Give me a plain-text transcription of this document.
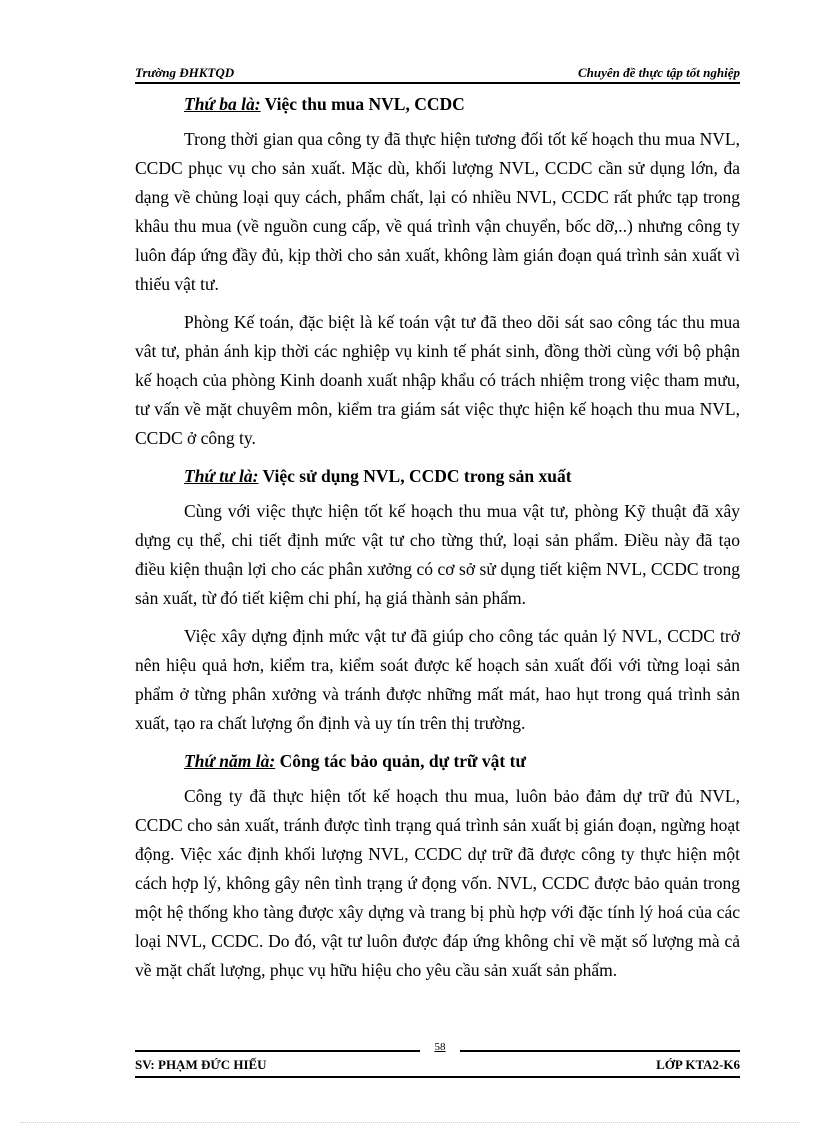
Trường ĐHKTQD	Chuyên đề thực tập tốt nghiệp

Thứ ba là: Việc thu mua NVL, CCDC

Trong thời gian qua công ty đã thực hiện tương đối tốt kế hoạch thu mua NVL, CCDC phục vụ cho sản xuất. Mặc dù, khối lượng NVL, CCDC cần sử dụng lớn, đa dạng về chủng loại quy cách, phẩm chất, lại có nhiều NVL, CCDC rất phức tạp trong khâu thu mua (về nguồn cung cấp, về quá trình vận chuyển, bốc dỡ,..) nhưng công ty luôn đáp ứng đầy đủ, kịp thời cho sản xuất, không làm gián đoạn quá trình sản xuất vì thiếu vật tư.

Phòng Kế toán, đặc biệt là kế toán vật tư đã theo dõi sát sao công tác thu mua vât tư, phản ánh kịp thời các nghiệp vụ kinh tế phát sinh, đồng thời cùng với bộ phận kế hoạch của phòng Kinh doanh xuất nhập khẩu có trách nhiệm trong việc tham mưu, tư vấn về mặt chuyêm môn, kiểm tra giám sát việc thực hiện kế hoạch thu mua NVL, CCDC ở công ty.

Thứ tư là: Việc sử dụng NVL, CCDC trong sản xuất

Cùng với việc thực hiện tốt kế hoạch thu mua vật tư, phòng Kỹ thuật đã xây dựng cụ thể, chi tiết định mức vật tư cho từng thứ, loại sản phẩm. Điều này đã tạo điều kiện thuận lợi cho các phân xưởng có cơ sở sử dụng tiết kiệm NVL, CCDC trong sản xuất, từ đó tiết kiệm chi phí, hạ giá thành sản phẩm.

Việc xây dựng định mức vật tư đã giúp cho công tác quản lý NVL, CCDC trở nên hiệu quả hơn, kiểm tra, kiểm soát được kế hoạch sản xuất đối với từng loại sản phẩm ở từng phân xưởng và tránh được những mất mát, hao hụt trong quá trình sản xuất, tạo ra chất lượng ổn định và uy tín trên thị trường.

Thứ năm là: Công tác bảo quản, dự trữ vật tư

Công ty đã thực hiện tốt kế hoạch thu mua, luôn bảo đảm dự trữ đủ NVL, CCDC cho sản xuất, tránh được tình trạng quá trình sản xuất bị gián đoạn, ngừng hoạt động. Việc xác định khối lượng NVL, CCDC dự trữ đã được công ty thực hiện một cách hợp lý, không gây nên tình trạng ứ đọng vốn. NVL, CCDC được bảo quản trong một hệ thống kho tàng được xây dựng và trang bị phù hợp với đặc tính lý hoá của các loại NVL, CCDC. Do đó, vật tư luôn được đáp ứng không chỉ về mặt số lượng mà cả về mặt chất lượng, phục vụ hữu hiệu cho yêu cầu sản xuất sản phẩm.

SV: PHẠM ĐỨC HIẾU	LỚP KTA2-K6
58
